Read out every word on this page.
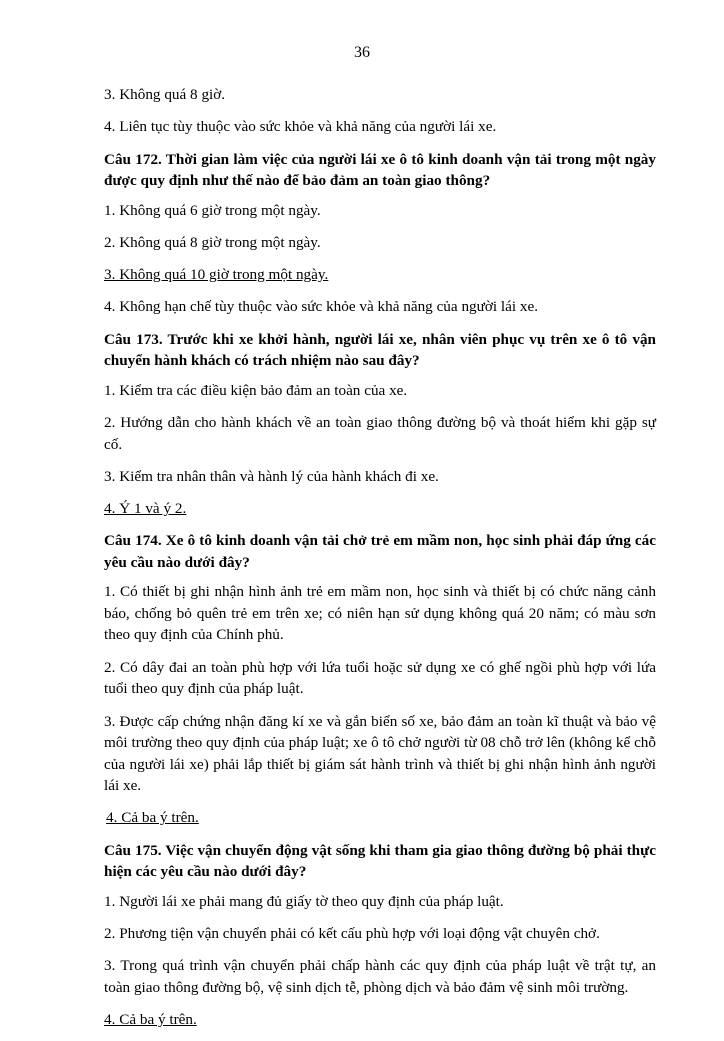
36

3. Không quá 8 giờ.

4. Liên tục tùy thuộc vào sức khỏe và khả năng của người lái xe.

Câu 172. Thời gian làm việc của người lái xe ô tô kinh doanh vận tải trong một ngày được quy định như thế nào để bảo đảm an toàn giao thông?

1. Không quá 6 giờ trong một ngày.

2. Không quá 8 giờ trong một ngày.

3. Không quá 10 giờ trong một ngày.

4. Không hạn chế tùy thuộc vào sức khỏe và khả năng của người lái xe.

Câu 173. Trước khi xe khởi hành, người lái xe, nhân viên phục vụ trên xe ô tô vận chuyển hành khách có trách nhiệm nào sau đây?

1. Kiểm tra các điều kiện bảo đảm an toàn của xe.

2. Hướng dẫn cho hành khách về an toàn giao thông đường bộ và thoát hiểm khi gặp sự cố.

3. Kiểm tra nhân thân và hành lý của hành khách đi xe.

4. Ý 1 và ý 2.

Câu 174. Xe ô tô kinh doanh vận tải chở trẻ em mầm non, học sinh phải đáp ứng các yêu cầu nào dưới đây?

1. Có thiết bị ghi nhận hình ảnh trẻ em mầm non, học sinh và thiết bị có chức năng cảnh báo, chống bỏ quên trẻ em trên xe; có niên hạn sử dụng không quá 20 năm; có màu sơn theo quy định của Chính phủ.

2. Có dây đai an toàn phù hợp với lứa tuổi hoặc sử dụng xe có ghế ngồi phù hợp với lứa tuổi theo quy định của pháp luật.

3. Được cấp chứng nhận đăng kí xe và gắn biển số xe, bảo đảm an toàn kĩ thuật và bảo vệ môi trường theo quy định của pháp luật; xe ô tô chở người từ 08 chỗ trở lên (không kể chỗ của người lái xe) phải lắp thiết bị giám sát hành trình và thiết bị ghi nhận hình ảnh người lái xe.

4. Cả ba ý trên.

Câu 175. Việc vận chuyển động vật sống khi tham gia giao thông đường bộ phải thực hiện các yêu cầu nào dưới đây?

1. Người lái xe phải mang đủ giấy tờ theo quy định của pháp luật.

2. Phương tiện vận chuyển phải có kết cấu phù hợp với loại động vật chuyên chở.

3. Trong quá trình vận chuyển phải chấp hành các quy định của pháp luật về trật tự, an toàn giao thông đường bộ, vệ sinh dịch tễ, phòng dịch và bảo đảm vệ sinh môi trường.

4. Cả ba ý trên.
